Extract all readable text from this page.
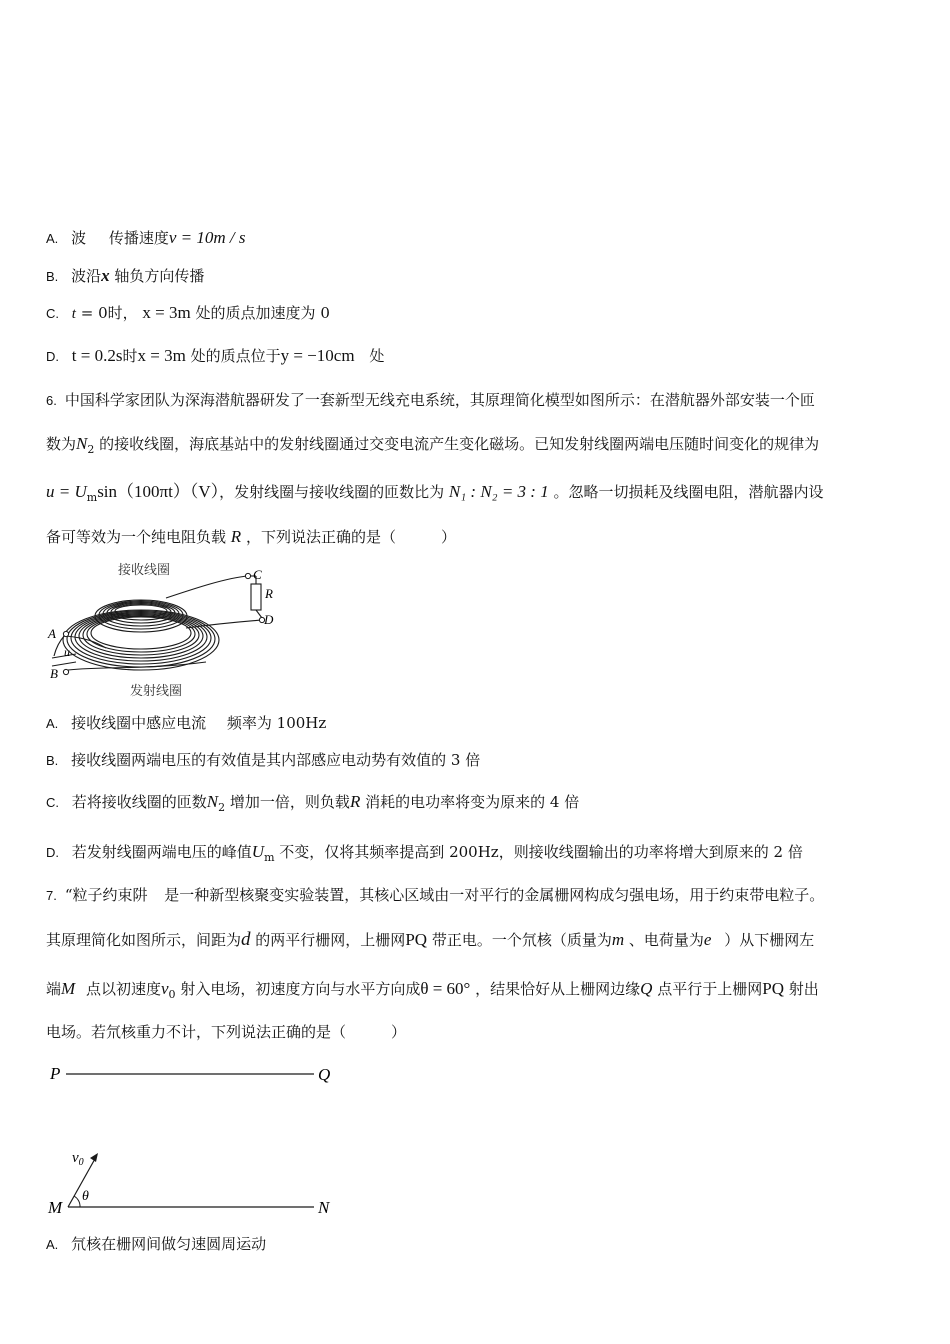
A. 波 传播速度v = 10m / s
B. 波沿x 轴负方向传播
C. t = 0时， x = 3m 处的质点加速度为 0
D. t = 0.2s时x = 3m 处的质点位于y = −10cm 处
6. 中国科学家团队为深海潜航器研发了一套新型无线充电系统，其原理简化模型如图所示：在潜航器外部安装一个匝
数为$N_2$ 的接收线圈，海底基站中的发射线圈通过交变电流产生变化磁场。已知发射线圈两端电压随时间变化的规律为
$u = U_m\sin(100\pi t)(V)$，发射线圈与接收线圈的匝数比为 N₁ : N₂ = 3 : 1 。忽略一切损耗及线圈电阻，潜航器内设
备可等效为一个纯电阻负载 R ，下列说法正确的是（　　　）
接收线圈
发射线圈
C
R
D
A
u
B
A. 接收线圈中感应电流 频率为 100Hz
B. 接收线圈两端电压的有效值是其内部感应电动势有效值的 3 倍
C. 若将接收线圈的匝数$N_2$ 增加一倍，则负载R 消耗的电功率将变为原来的 4 倍
D. 若发射线圈两端电压的峰值$U_m$ 不变，仅将其频率提高到 200Hz，则接收线圈输出的功率将增大到原来的 2 倍
7. “粒子约束阱 是一种新型核聚变实验装置，其核心区域由一对平行的金属栅网构成匀强电场，用于约束带电粒子。
其原理简化如图所示，间距为d 的两平行栅网，上栅网PQ 带正电。一个氘核（质量为m 、电荷量为e ）从下栅网左
端M 点以初速度$v_0$ 射入电场，初速度方向与水平方向成θ = 60° ，结果恰好从上栅网边缘Q 点平行于上栅网PQ 射出
电场。若氘核重力不计，下列说法正确的是（　　　）
P	Q
M	N
$v_0$
θ
A. 氘核在栅网间做匀速圆周运动
